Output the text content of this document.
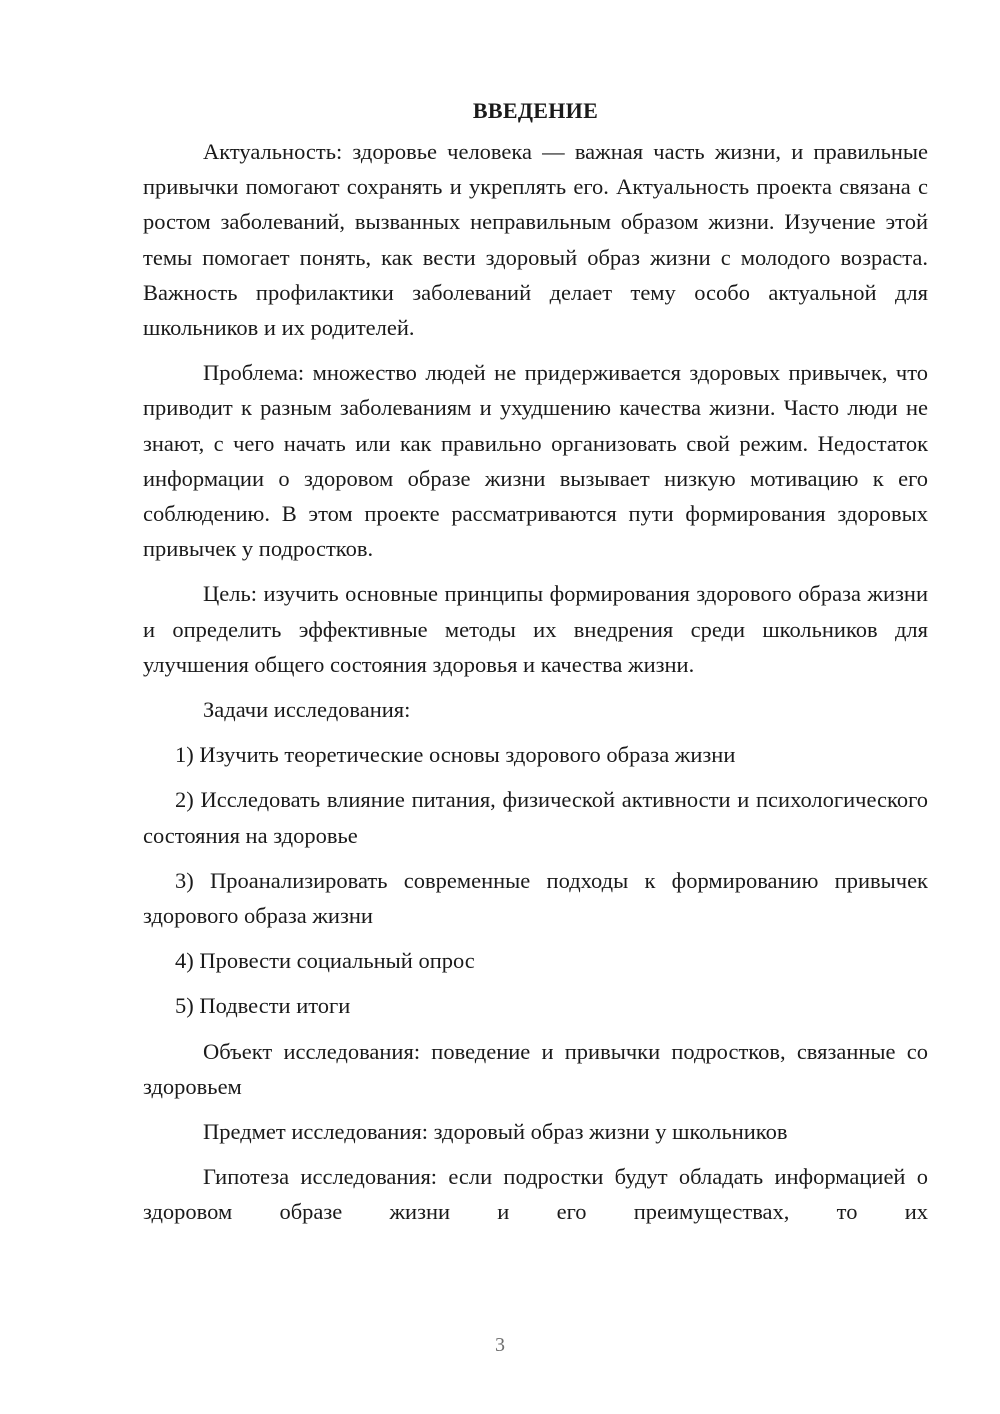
ВВЕДЕНИЕ

Актуальность: здоровье человека — важная часть жизни, и правильные привычки помогают сохранять и укреплять его. Актуальность проекта связана с ростом заболеваний, вызванных неправильным образом жизни. Изучение этой темы помогает понять, как вести здоровый образ жизни с молодого возраста. Важность профилактики заболеваний делает тему особо актуальной для школьников и их родителей.

Проблема: множество людей не придерживается здоровых привычек, что приводит к разным заболеваниям и ухудшению качества жизни. Часто люди не знают, с чего начать или как правильно организовать свой режим. Недостаток информации о здоровом образе жизни вызывает низкую мотивацию к его соблюдению. В этом проекте рассматриваются пути формирования здоровых привычек у подростков.

Цель: изучить основные принципы формирования здорового образа жизни и определить эффективные методы их внедрения среди школьников для улучшения общего состояния здоровья и качества жизни.

Задачи исследования:

1) Изучить теоретические основы здорового образа жизни

2) Исследовать влияние питания, физической активности и психологического состояния на здоровье

3) Проанализировать современные подходы к формированию привычек здорового образа жизни

4) Провести социальный опрос

5) Подвести итоги

Объект исследования: поведение и привычки подростков, связанные со здоровьем

Предмет исследования: здоровый образ жизни у школьников

Гипотеза исследования: если подростки будут обладать информацией о здоровом образе жизни и его преимуществах, то их

3
